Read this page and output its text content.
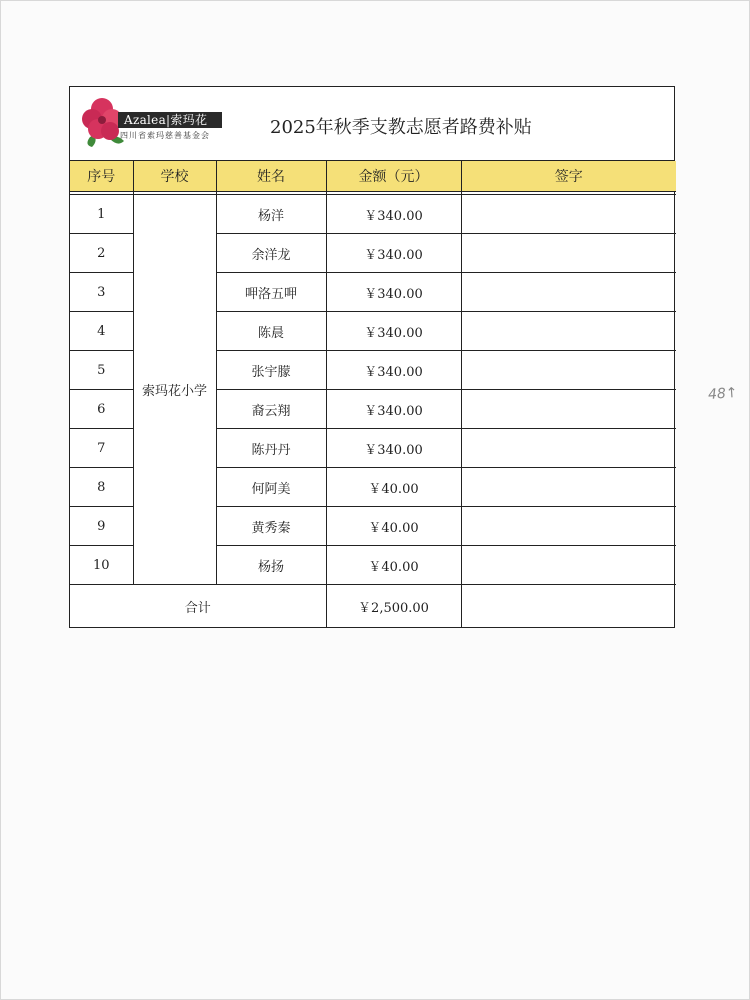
Azalea|索玛花
四川省索玛慈善基金会	2025年秋季支教志愿者路费补贴
序号	学校	姓名	金额（元）	签字

1	索玛花小学	杨洋	￥340.00	
2		余洋龙	￥340.00	
3		呷洛五呷	￥340.00	
4		陈晨	￥340.00	
5		张宇朦	￥340.00	
6		裔云翔	￥340.00	
7		陈丹丹	￥340.00	
8		何阿美	￥40.00	
9		黄秀秦	￥40.00	
10		杨扬	￥40.00	
合计			￥2,500.00	
48↑
